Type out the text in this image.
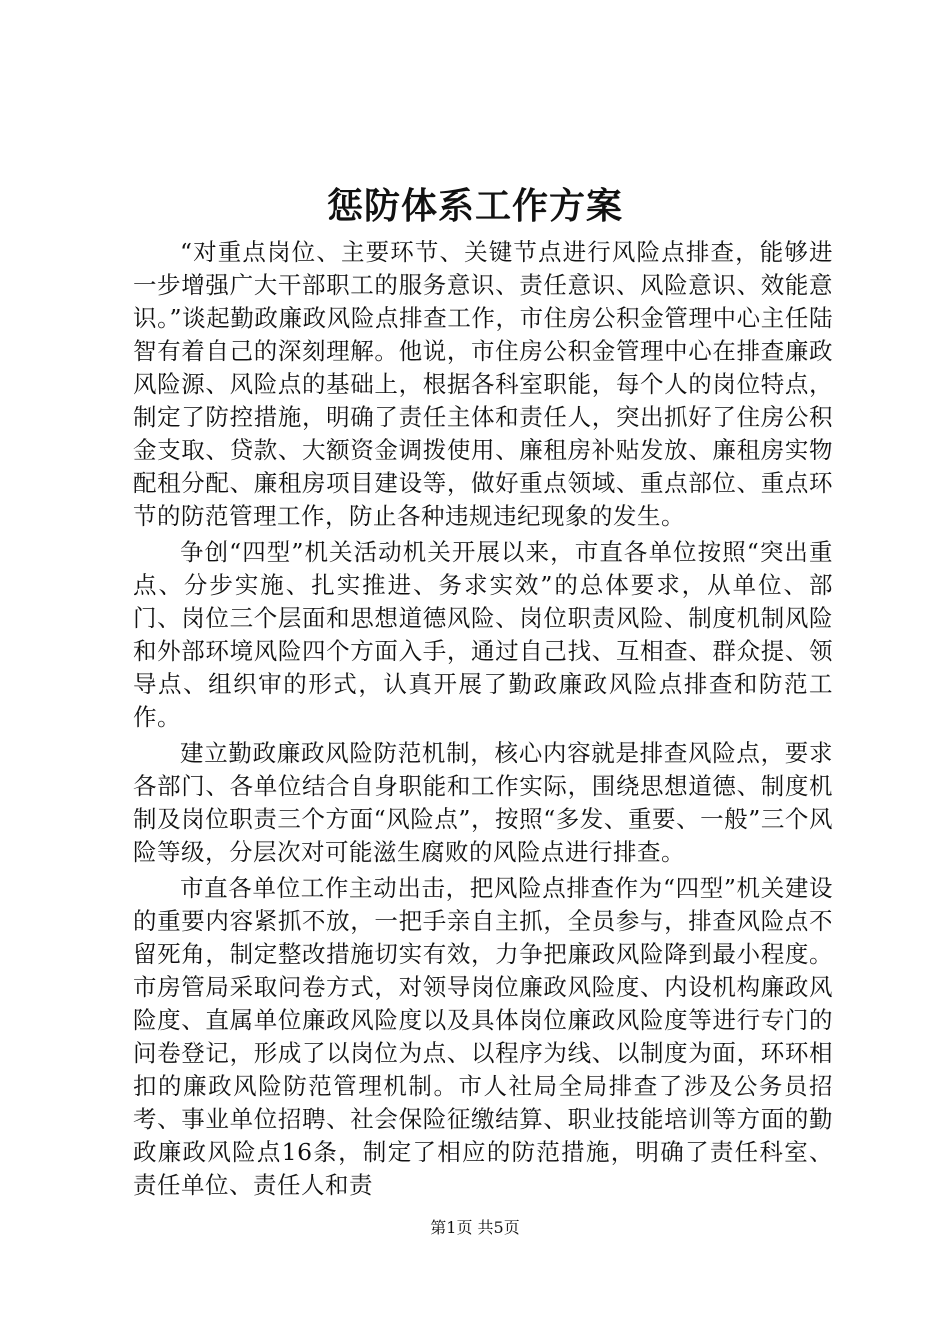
惩防体系工作方案

“对重点岗位、主要环节、关键节点进行风险点排查，能够进一步增强广大干部职工的服务意识、责任意识、风险意识、效能意识。”谈起勤政廉政风险点排查工作，市住房公积金管理中心主任陆智有着自己的深刻理解。他说，市住房公积金管理中心在排查廉政风险源、风险点的基础上，根据各科室职能，每个人的岗位特点，制定了防控措施，明确了责任主体和责任人，突出抓好了住房公积金支取、贷款、大额资金调拨使用、廉租房补贴发放、廉租房实物配租分配、廉租房项目建设等，做好重点领域、重点部位、重点环节的防范管理工作，防止各种违规违纪现象的发生。

争创“四型”机关活动机关开展以来，市直各单位按照“突出重点、分步实施、扎实推进、务求实效”的总体要求，从单位、部门、岗位三个层面和思想道德风险、岗位职责风险、制度机制风险和外部环境风险四个方面入手，通过自己找、互相查、群众提、领导点、组织审的形式，认真开展了勤政廉政风险点排查和防范工作。

建立勤政廉政风险防范机制，核心内容就是排查风险点，要求各部门、各单位结合自身职能和工作实际，围绕思想道德、制度机制及岗位职责三个方面“风险点”，按照“多发、重要、一般”三个风险等级，分层次对可能滋生腐败的风险点进行排查。

市直各单位工作主动出击，把风险点排查作为“四型”机关建设的重要内容紧抓不放，一把手亲自主抓，全员参与，排查风险点不留死角，制定整改措施切实有效，力争把廉政风险降到最小程度。市房管局采取问卷方式，对领导岗位廉政风险度、内设机构廉政风险度、直属单位廉政风险度以及具体岗位廉政风险度等进行专门的问卷登记，形成了以岗位为点、以程序为线、以制度为面，环环相扣的廉政风险防范管理机制。市人社局全局排查了涉及公务员招考、事业单位招聘、社会保险征缴结算、职业技能培训等方面的勤政廉政风险点16条，制定了相应的防范措施，明确了责任科室、责任单位、责任人和责

第1页 共5页
